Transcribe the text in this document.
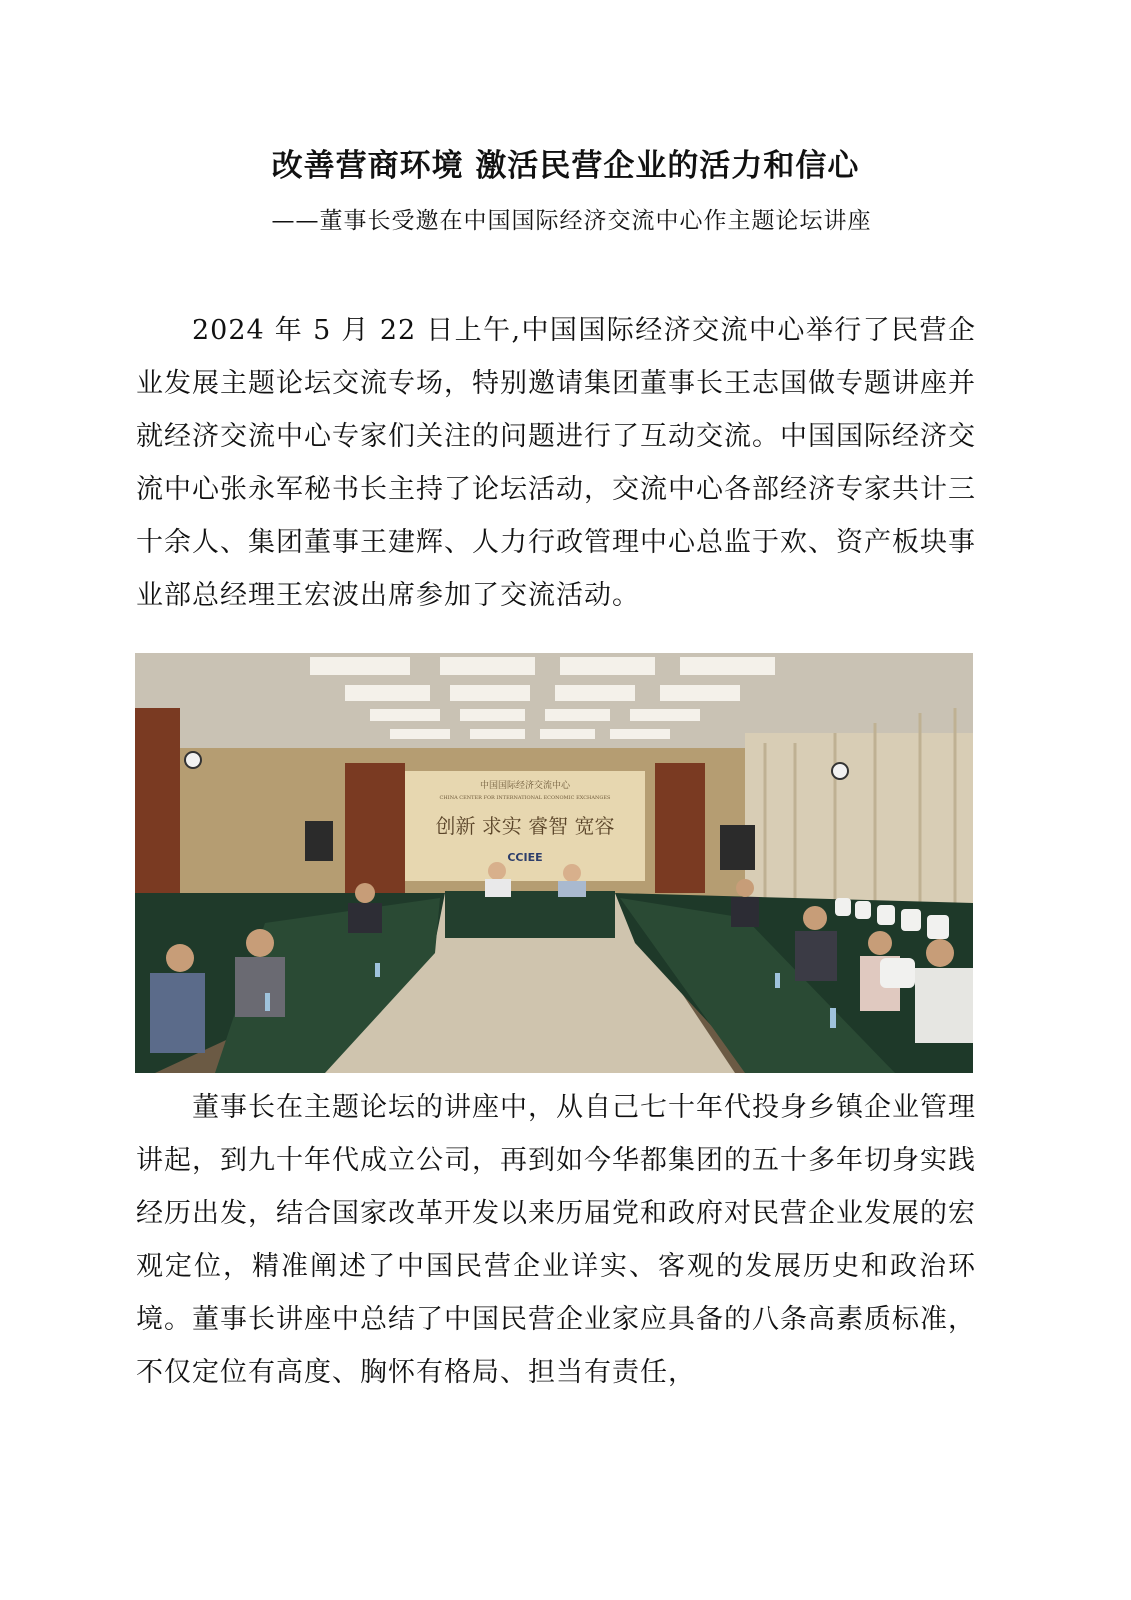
改善营商环境 激活民营企业的活力和信心

——董事长受邀在中国国际经济交流中心作主题论坛讲座

2024 年 5 月 22 日上午,中国国际经济交流中心举行了民营企业发展主题论坛交流专场，特别邀请集团董事长王志国做专题讲座并就经济交流中心专家们关注的问题进行了互动交流。中国国际经济交流中心张永军秘书长主持了论坛活动，交流中心各部经济专家共计三十余人、集团董事王建辉、人力行政管理中心总监于欢、资产板块事业部总经理王宏波出席参加了交流活动。

中国国际经济交流中心
CHINA CENTER FOR INTERNATIONAL ECONOMIC EXCHANGES
创新 求实 睿智 宽容
CCIEE

董事长在主题论坛的讲座中，从自己七十年代投身乡镇企业管理讲起，到九十年代成立公司，再到如今华都集团的五十多年切身实践经历出发，结合国家改革开发以来历届党和政府对民营企业发展的宏观定位，精准阐述了中国民营企业详实、客观的发展历史和政治环境。董事长讲座中总结了中国民营企业家应具备的八条高素质标准，不仅定位有高度、胸怀有格局、担当有责任，
